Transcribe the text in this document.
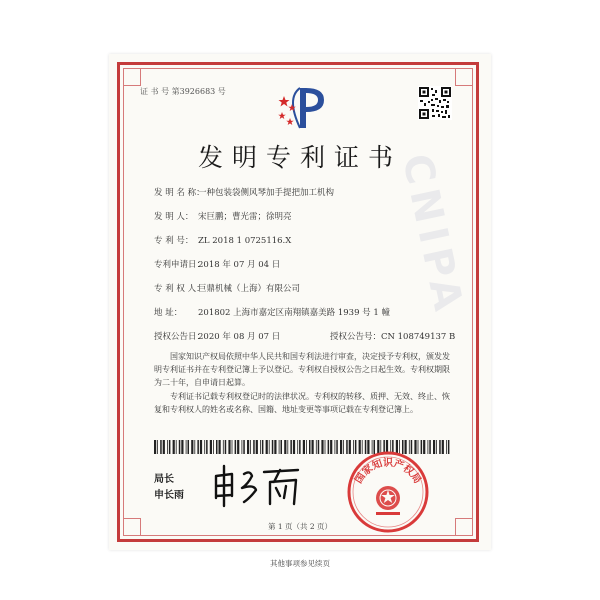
CNIPA
证 书 号 第3926683 号
发明专利证书
发 明 名 称：一种包装袋侧风琴加手提把加工机构
发 明 人： 宋巨鹏；曹光雷；徐明亮
专 利 号： ZL 2018 1 0725116.X
专利申请日：2018 年 07 月 04 日
专 利 权 人：巨鼎机械（上海）有限公司
地 址： 201802 上海市嘉定区南翔镇嘉美路 1939 号 1 幢
授权公告日：2020 年 08 月 07 日	授权公告号：CN 108749137 B
国家知识产权局依照中华人民共和国专利法进行审查，决定授予专利权，颁发发明专利证书并在专利登记簿上予以登记。专利权自授权公告之日起生效。专利权期限为二十年，自申请日起算。
专利证书记载专利权登记时的法律状况。专利权的转移、质押、无效、终止、恢复和专利权人的姓名或名称、国籍、地址变更等事项记载在专利登记簿上。
局长
申长雨
国家知识产权局
第 1 页（共 2 页）
其他事项参见续页
